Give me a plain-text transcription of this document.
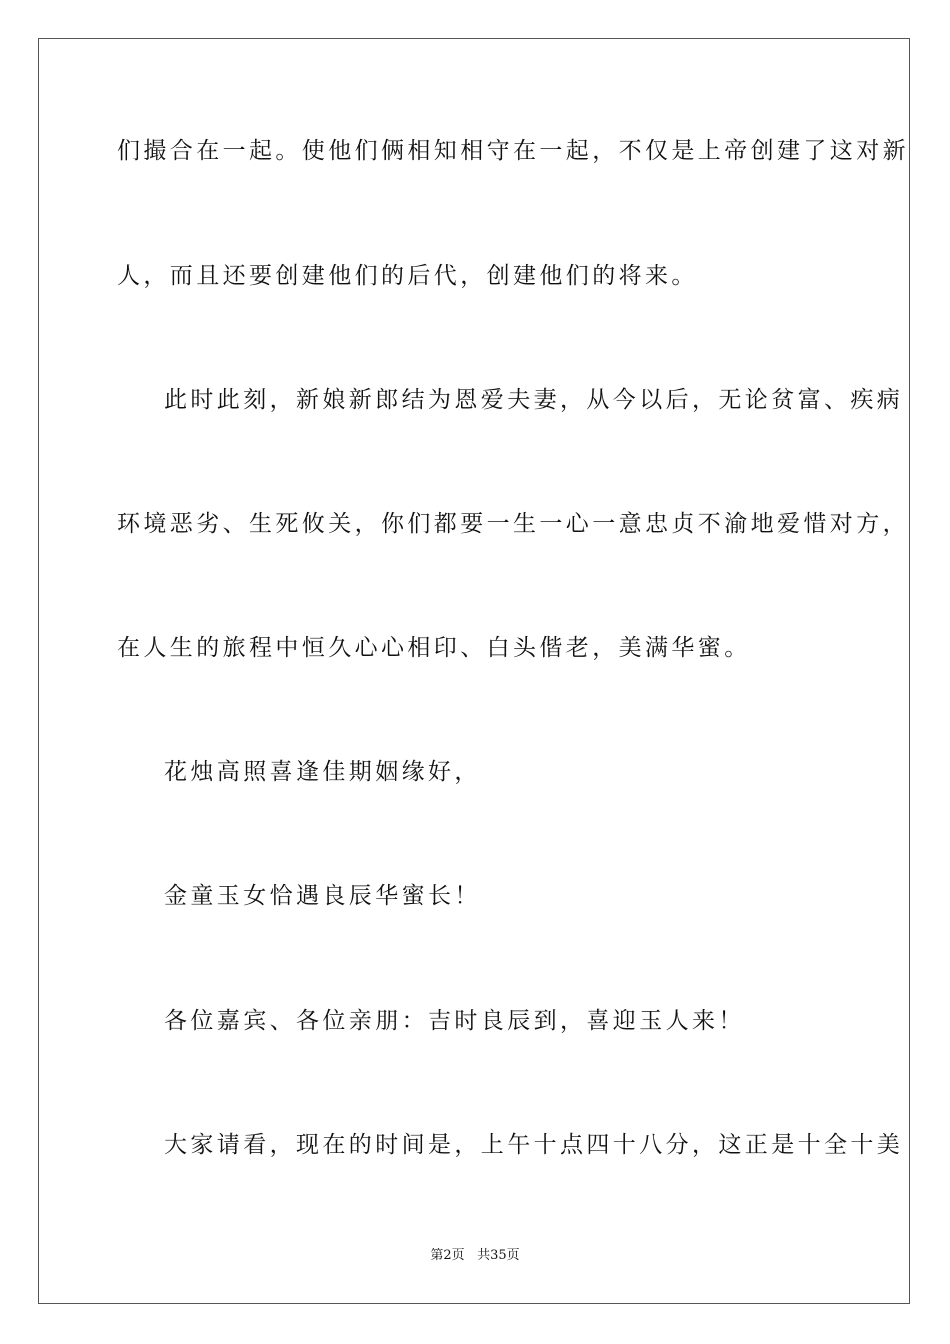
们撮合在一起。使他们俩相知相守在一起，不仅是上帝创建了这对新
人，而且还要创建他们的后代，创建他们的将来。
此时此刻，新娘新郎结为恩爱夫妻，从今以后，无论贫富、疾病
环境恶劣、生死攸关，你们都要一生一心一意忠贞不渝地爱惜对方，
在人生的旅程中恒久心心相印、白头偕老，美满华蜜。
花烛高照喜逢佳期姻缘好，
金童玉女恰遇良辰华蜜长！
各位嘉宾、各位亲朋：吉时良辰到，喜迎玉人来！
大家请看，现在的时间是，上午十点四十八分，这正是十全十美
第2页 共35页
